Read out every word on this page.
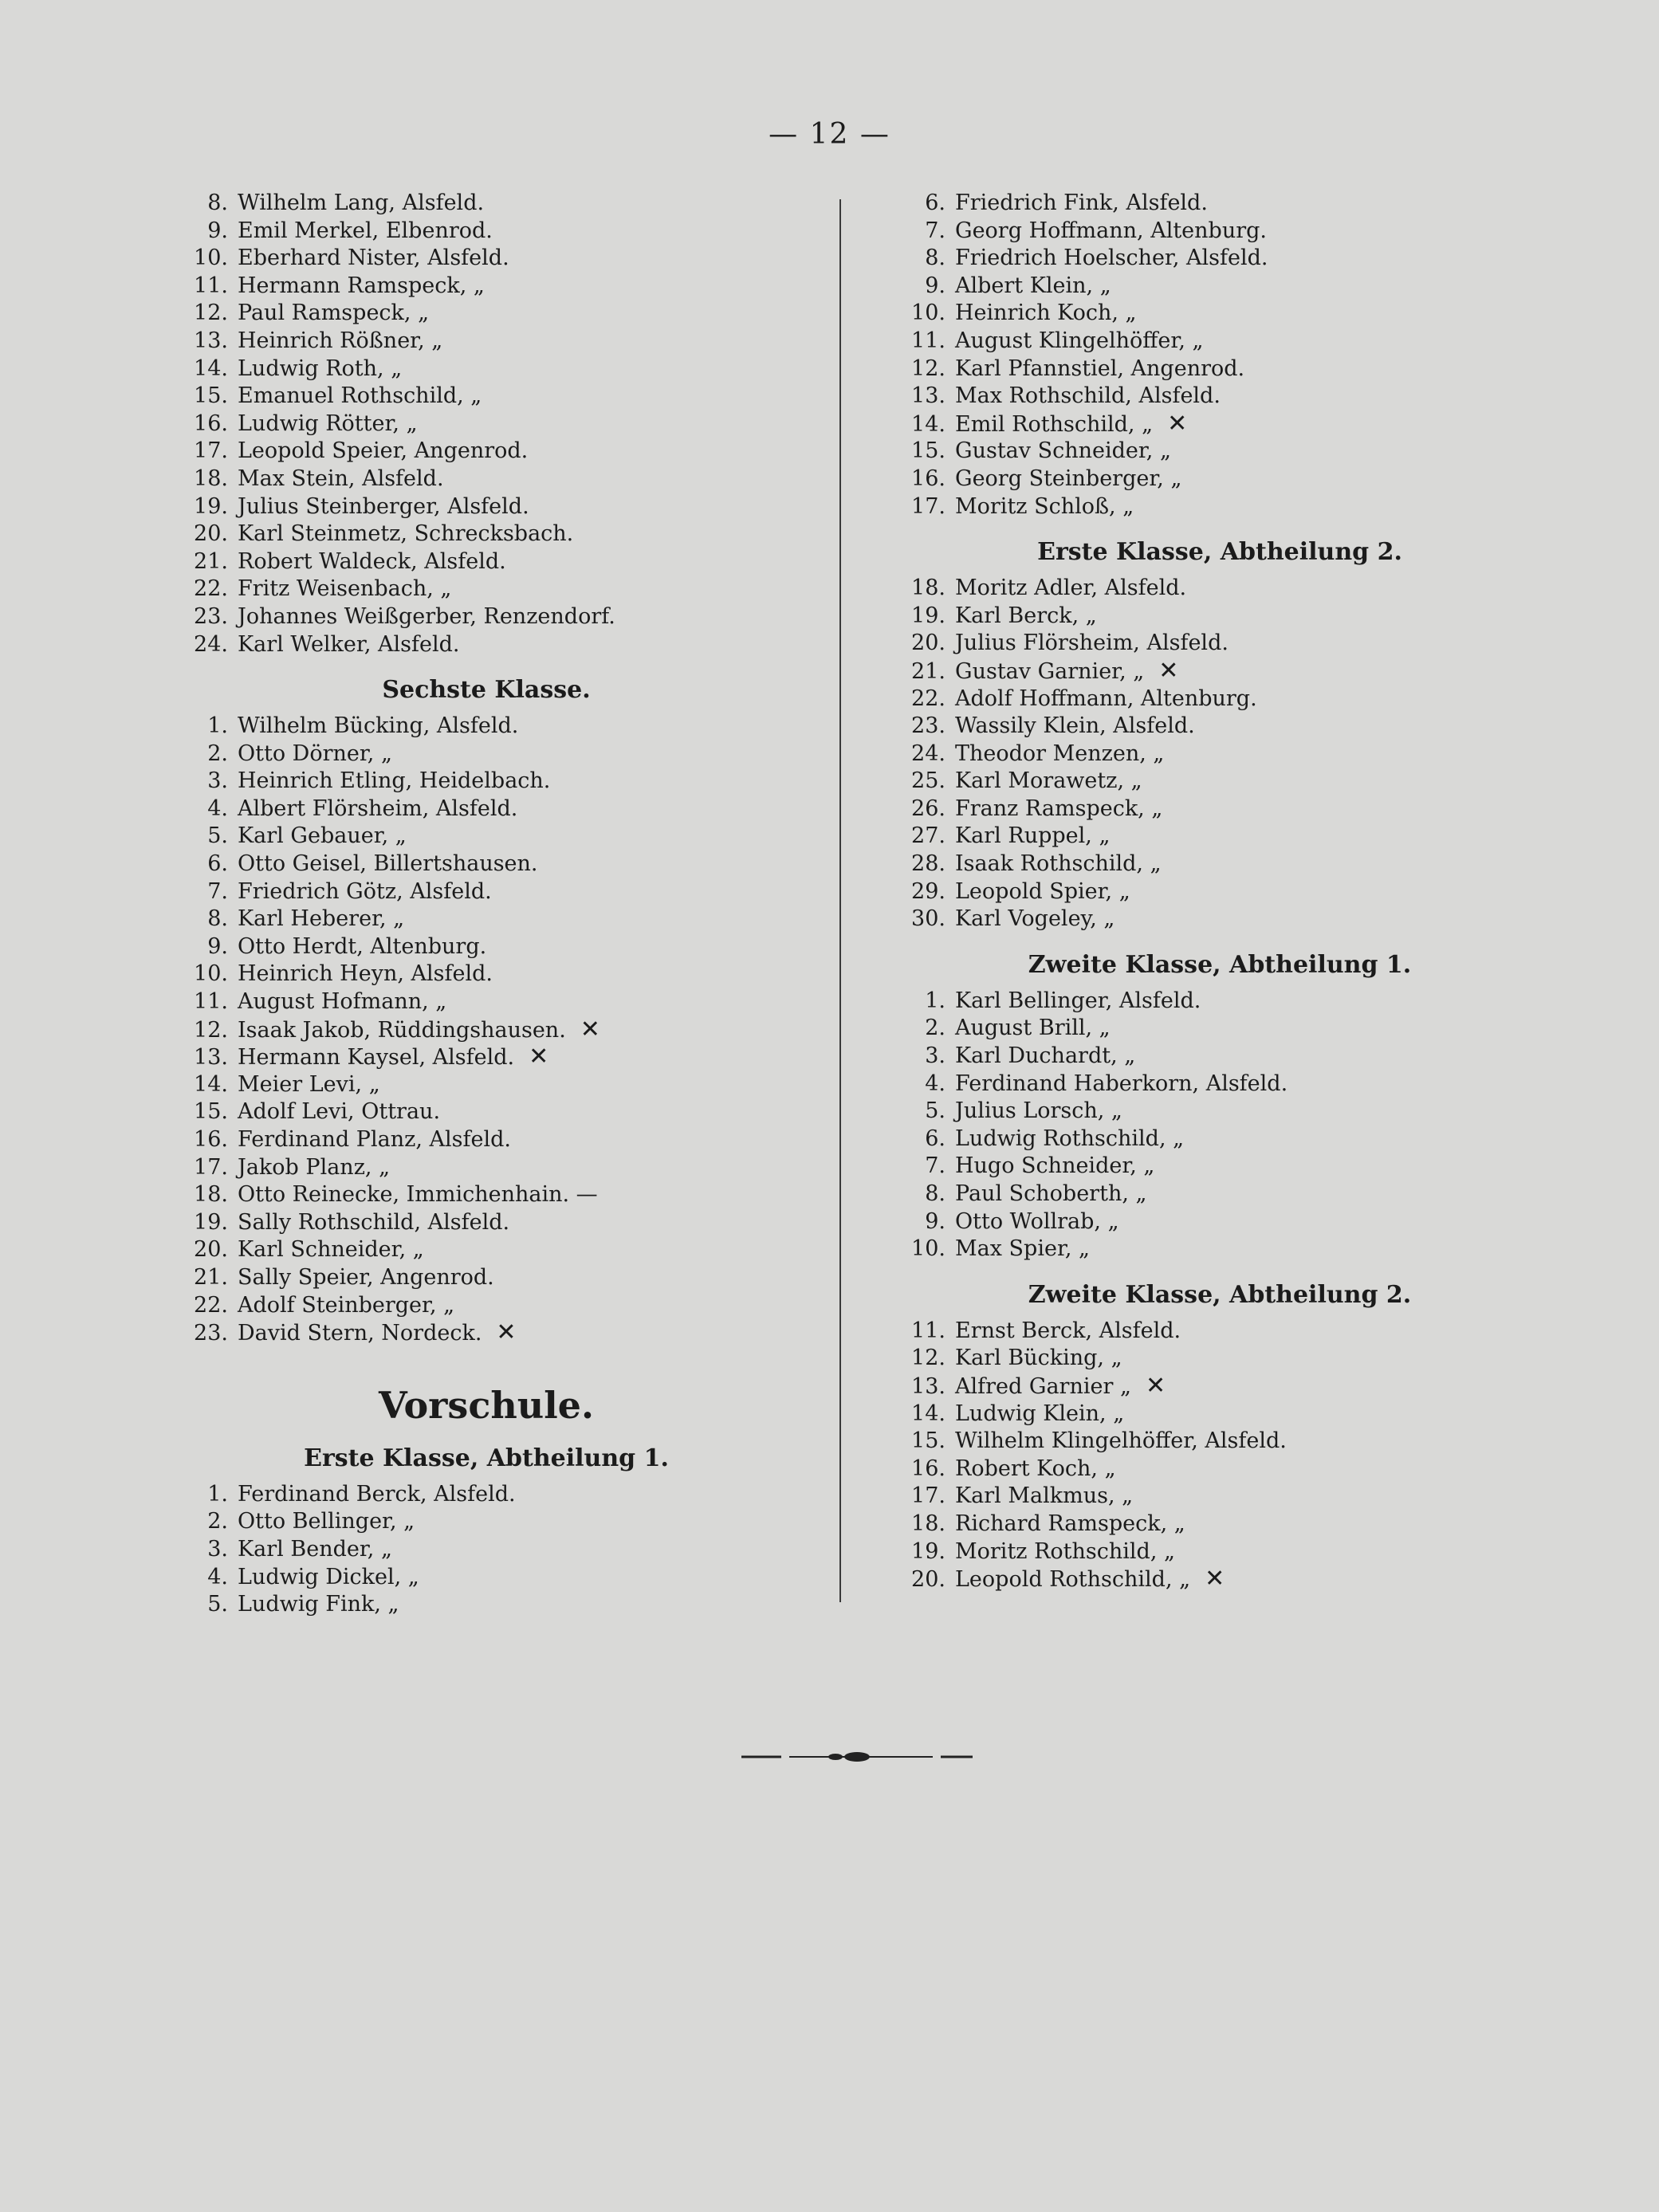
— 12 —
8. Wilhelm Lang, Alsfeld.
9. Emil Merkel, Elbenrod.
10. Eberhard Nister, Alsfeld.
11. Hermann Ramspeck, „
12. Paul Ramspeck, „
13. Heinrich Rößner, „
14. Ludwig Roth, „
15. Emanuel Rothschild, „
16. Ludwig Rötter, „
17. Leopold Speier, Angenrod.
18. Max Stein, Alsfeld.
19. Julius Steinberger, Alsfeld.
20. Karl Steinmetz, Schrecksbach.
21. Robert Waldeck, Alsfeld.
22. Fritz Weisenbach, „
23. Johannes Weißgerber, Renzendorf.
24. Karl Welker, Alsfeld.
Sechste Klasse.
1. Wilhelm Bücking, Alsfeld.
2. Otto Dörner, „
3. Heinrich Etling, Heidelbach.
4. Albert Flörsheim, Alsfeld.
5. Karl Gebauer, „
6. Otto Geisel, Billertshausen.
7. Friedrich Götz, Alsfeld.
8. Karl Heberer, „
9. Otto Herdt, Altenburg.
10. Heinrich Heyn, Alsfeld.
11. August Hofmann, „
12. Isaak Jakob, Rüddingshausen. ✕
13. Hermann Kaysel, Alsfeld. ✕
14. Meier Levi, „
15. Adolf Levi, Ottrau.
16. Ferdinand Planz, Alsfeld.
17. Jakob Planz, „
18. Otto Reinecke, Immichenhain. —
19. Sally Rothschild, Alsfeld.
20. Karl Schneider, „
21. Sally Speier, Angenrod.
22. Adolf Steinberger, „
23. David Stern, Nordeck. ✕
Vorschule.
Erste Klasse, Abtheilung 1.
1. Ferdinand Berck, Alsfeld.
2. Otto Bellinger, „
3. Karl Bender, „
4. Ludwig Dickel, „
5. Ludwig Fink, „
6. Friedrich Fink, Alsfeld.
7. Georg Hoffmann, Altenburg.
8. Friedrich Hoelscher, Alsfeld.
9. Albert Klein, „
10. Heinrich Koch, „
11. August Klingelhöffer, „
12. Karl Pfannstiel, Angenrod.
13. Max Rothschild, Alsfeld.
14. Emil Rothschild, „ ✕
15. Gustav Schneider, „
16. Georg Steinberger, „
17. Moritz Schloß, „
Erste Klasse, Abtheilung 2.
18. Moritz Adler, Alsfeld.
19. Karl Berck, „
20. Julius Flörsheim, Alsfeld.
21. Gustav Garnier, „ ✕
22. Adolf Hoffmann, Altenburg.
23. Wassily Klein, Alsfeld.
24. Theodor Menzen, „
25. Karl Morawetz, „
26. Franz Ramspeck, „
27. Karl Ruppel, „
28. Isaak Rothschild, „
29. Leopold Spier, „
30. Karl Vogeley, „
Zweite Klasse, Abtheilung 1.
1. Karl Bellinger, Alsfeld.
2. August Brill, „
3. Karl Duchardt, „
4. Ferdinand Haberkorn, Alsfeld.
5. Julius Lorsch, „
6. Ludwig Rothschild, „
7. Hugo Schneider, „
8. Paul Schoberth, „
9. Otto Wollrab, „
10. Max Spier, „
Zweite Klasse, Abtheilung 2.
11. Ernst Berck, Alsfeld.
12. Karl Bücking, „
13. Alfred Garnier „ ✕
14. Ludwig Klein, „
15. Wilhelm Klingelhöffer, Alsfeld.
16. Robert Koch, „
17. Karl Malkmus, „
18. Richard Ramspeck, „
19. Moritz Rothschild, „
20. Leopold Rothschild, „ ✕
